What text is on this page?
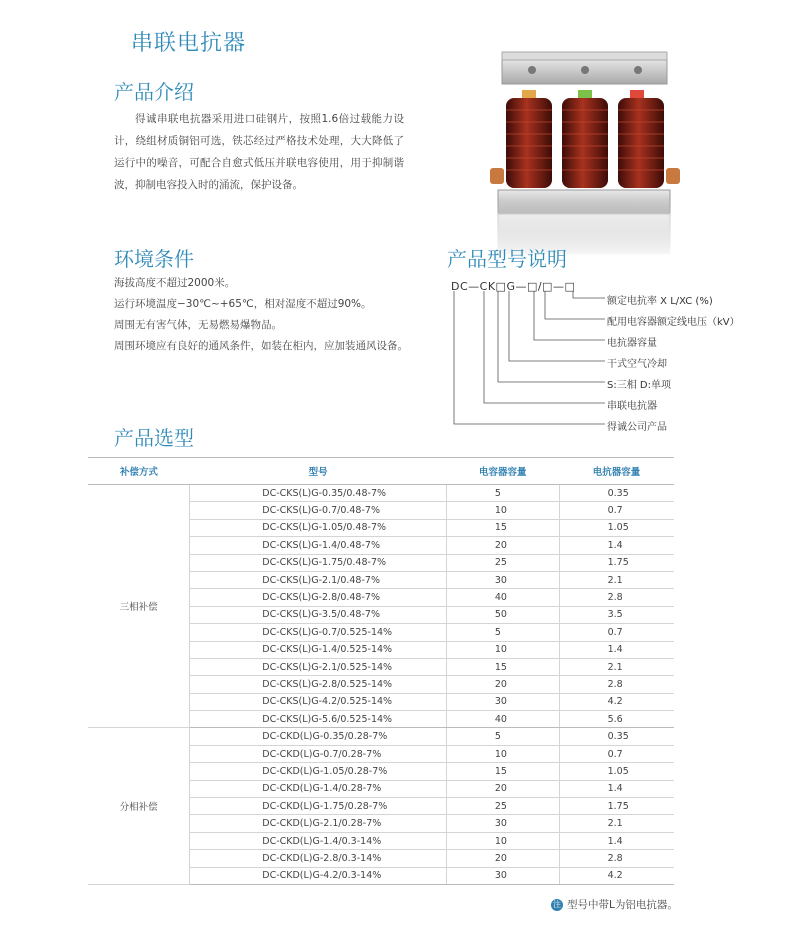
串联电抗器
产品介绍
得诚串联电抗器采用进口硅钢片，按照1.6倍过载能力设计，绕组材质铜铝可选，铁芯经过严格技术处理，大大降低了运行中的噪音，可配合自愈式低压并联电容使用，用于抑制谐波，抑制电容投入时的涌流，保护设备。
环境条件
海拔高度不超过2000米。
运行环境温度−30℃~+65℃，相对湿度不超过90%。
周围无有害气体，无易燃易爆物品。
周围环境应有良好的通风条件，如装在柜内，应加装通风设备。
产品型号说明
DC—CK□G—□/□—□
额定电抗率 X L/XC (%)
配用电容器额定线电压（kV）
电抗器容量
干式空气冷却
S:三相 D:单项
串联电抗器
得诚公司产品
产品选型
补偿方式	型号	电容器容量	电抗器容量
三相补偿	DC-CKS(L)G-0.35/0.48-7%	5	0.35
	DC-CKS(L)G-0.7/0.48-7%	10	0.7
	DC-CKS(L)G-1.05/0.48-7%	15	1.05
	DC-CKS(L)G-1.4/0.48-7%	20	1.4
	DC-CKS(L)G-1.75/0.48-7%	25	1.75
	DC-CKS(L)G-2.1/0.48-7%	30	2.1
	DC-CKS(L)G-2.8/0.48-7%	40	2.8
	DC-CKS(L)G-3.5/0.48-7%	50	3.5
	DC-CKS(L)G-0.7/0.525-14%	5	0.7
	DC-CKS(L)G-1.4/0.525-14%	10	1.4
	DC-CKS(L)G-2.1/0.525-14%	15	2.1
	DC-CKS(L)G-2.8/0.525-14%	20	2.8
	DC-CKS(L)G-4.2/0.525-14%	30	4.2
	DC-CKS(L)G-5.6/0.525-14%	40	5.6
分相补偿	DC-CKD(L)G-0.35/0.28-7%	5	0.35
	DC-CKD(L)G-0.7/0.28-7%	10	0.7
	DC-CKD(L)G-1.05/0.28-7%	15	1.05
	DC-CKD(L)G-1.4/0.28-7%	20	1.4
	DC-CKD(L)G-1.75/0.28-7%	25	1.75
	DC-CKD(L)G-2.1/0.28-7%	30	2.1
	DC-CKD(L)G-1.4/0.3-14%	10	1.4
	DC-CKD(L)G-2.8/0.3-14%	20	2.8
	DC-CKD(L)G-4.2/0.3-14%	30	4.2
注 型号中带L为铝电抗器。
